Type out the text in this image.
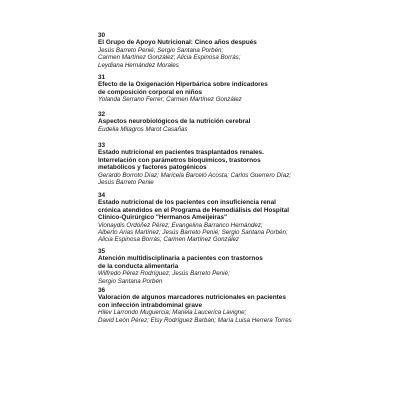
30
El Grupo de Apoyo Nutricional: Cinco años después
Jesús Barreto Penié; Sergio Santana Porbén;
Carmen Martínez González; Alicia Espinosa Borrás;
Leydiana Hernández Morales
31
Efecto de la Oxigenación Hiperbárica sobre indicadores
de composición corporal en niños
Yolanda Serrano Ferrer; Carmen Martínez González
32
Aspectos neurobiológicos de la nutrición cerebral
Eudelia Milagros Marot Casañas
33
Estado nutricional en pacientes trasplantados renales.
Interrelación con parámetros bioquímicos, trastornos
metabólicos y factores patogénicos
Gerardo Borroto Díaz; Maricela Barceló Acosta; Carlos Guerrero Díaz;
Jesús Barreto Penie
34
Estado nutricional de los pacientes con insuficiencia renal
crónica atendidos en el Programa de Hemodiálisis del Hospital
Clínico-Quirúrgico "Hermanos Ameijeiras"
Vionaydis Ordóñez Pérez; Evangelina Barranco Hernández;
Alberto Arias Martínez; Jesús Barreto Penié; Sergio Santana Porbén;
Alicia Espinosa Borrás; Carmen Martínez González
35
Atención multidisciplinaria a pacientes con trastornos
de la conducta alimentaria
Wilfredo Pérez Rodríguez; Jesús Barreto Penié;
Sergio Santana Porbén
36
Valoración de algunos marcadores nutricionales en pacientes
con infección intrabdominal grave
Hilev Larrondo Muguercia; Mariela Laucerica Lavigne;
David León Pérez; Elsy Rodríguez Barbán; María Luisa Herrera Torres
